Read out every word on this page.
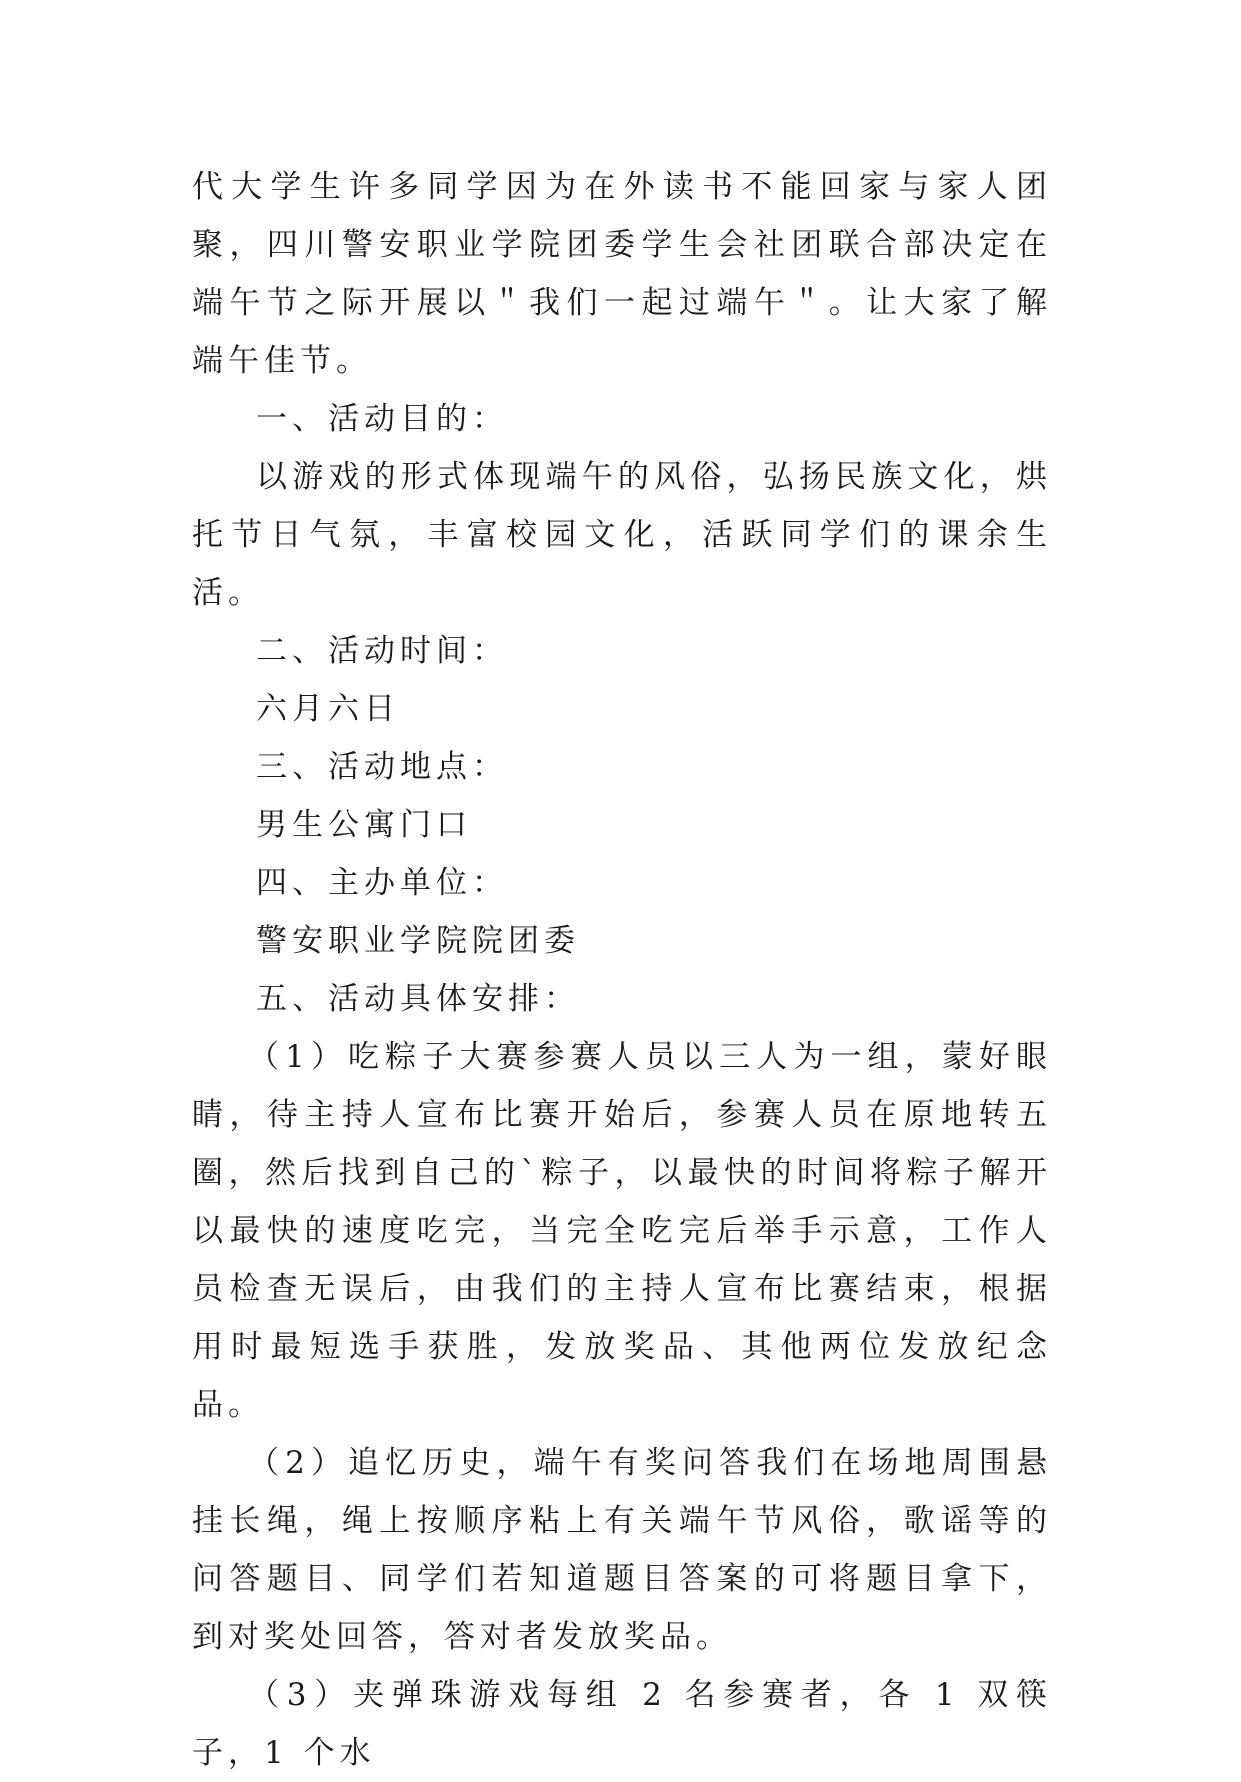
代大学生许多同学因为在外读书不能回家与家人团聚，四川警安职业学院团委学生会社团联合部决定在端午节之际开展以＂我们一起过端午＂。让大家了解端午佳节。

一、活动目的：

以游戏的形式体现端午的风俗，弘扬民族文化，烘托节日气氛，丰富校园文化，活跃同学们的课余生活。

二、活动时间：

六月六日

三、活动地点：

男生公寓门口

四、主办单位：

警安职业学院院团委

五、活动具体安排：

（1）吃粽子大赛参赛人员以三人为一组，蒙好眼睛，待主持人宣布比赛开始后，参赛人员在原地转五圈，然后找到自己的`粽子，以最快的时间将粽子解开以最快的速度吃完，当完全吃完后举手示意，工作人员检查无误后，由我们的主持人宣布比赛结束，根据用时最短选手获胜，发放奖品、其他两位发放纪念品。

（2）追忆历史，端午有奖问答我们在场地周围悬挂长绳，绳上按顺序粘上有关端午节风俗，歌谣等的问答题目、同学们若知道题目答案的可将题目拿下，到对奖处回答，答对者发放奖品。

（3）夹弹珠游戏每组 2 名参赛者，各 1 双筷子，1 个水
